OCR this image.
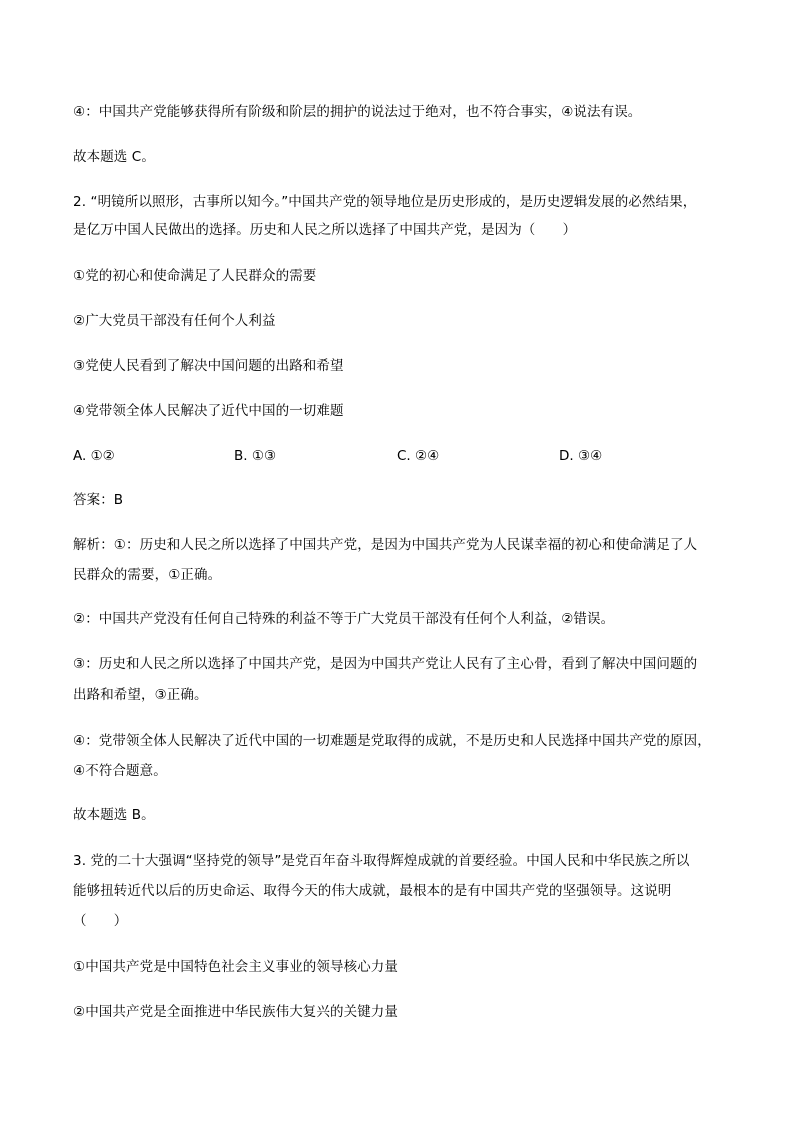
④：中国共产党能够获得所有阶级和阶层的拥护的说法过于绝对，也不符合事实，④说法有误。
故本题选 C。
2. “明镜所以照形，古事所以知今。”中国共产党的领导地位是历史形成的，是历史逻辑发展的必然结果，
是亿万中国人民做出的选择。历史和人民之所以选择了中国共产党，是因为（　　）
①党的初心和使命满足了人民群众的需要
②广大党员干部没有任何个人利益
③党使人民看到了解决中国问题的出路和希望
④党带领全体人民解决了近代中国的一切难题
A. ①②	B. ①③	C. ②④	D. ③④
答案：B
解析：①：历史和人民之所以选择了中国共产党，是因为中国共产党为人民谋幸福的初心和使命满足了人
民群众的需要，①正确。
②：中国共产党没有任何自己特殊的利益不等于广大党员干部没有任何个人利益，②错误。
③：历史和人民之所以选择了中国共产党，是因为中国共产党让人民有了主心骨，看到了解决中国问题的
出路和希望，③正确。
④：党带领全体人民解决了近代中国的一切难题是党取得的成就，不是历史和人民选择中国共产党的原因，
④不符合题意。
故本题选 B。
3. 党的二十大强调“坚持党的领导”是党百年奋斗取得辉煌成就的首要经验。中国人民和中华民族之所以
能够扭转近代以后的历史命运、取得今天的伟大成就，最根本的是有中国共产党的坚强领导。这说明
（　　）
①中国共产党是中国特色社会主义事业的领导核心力量
②中国共产党是全面推进中华民族伟大复兴的关键力量
